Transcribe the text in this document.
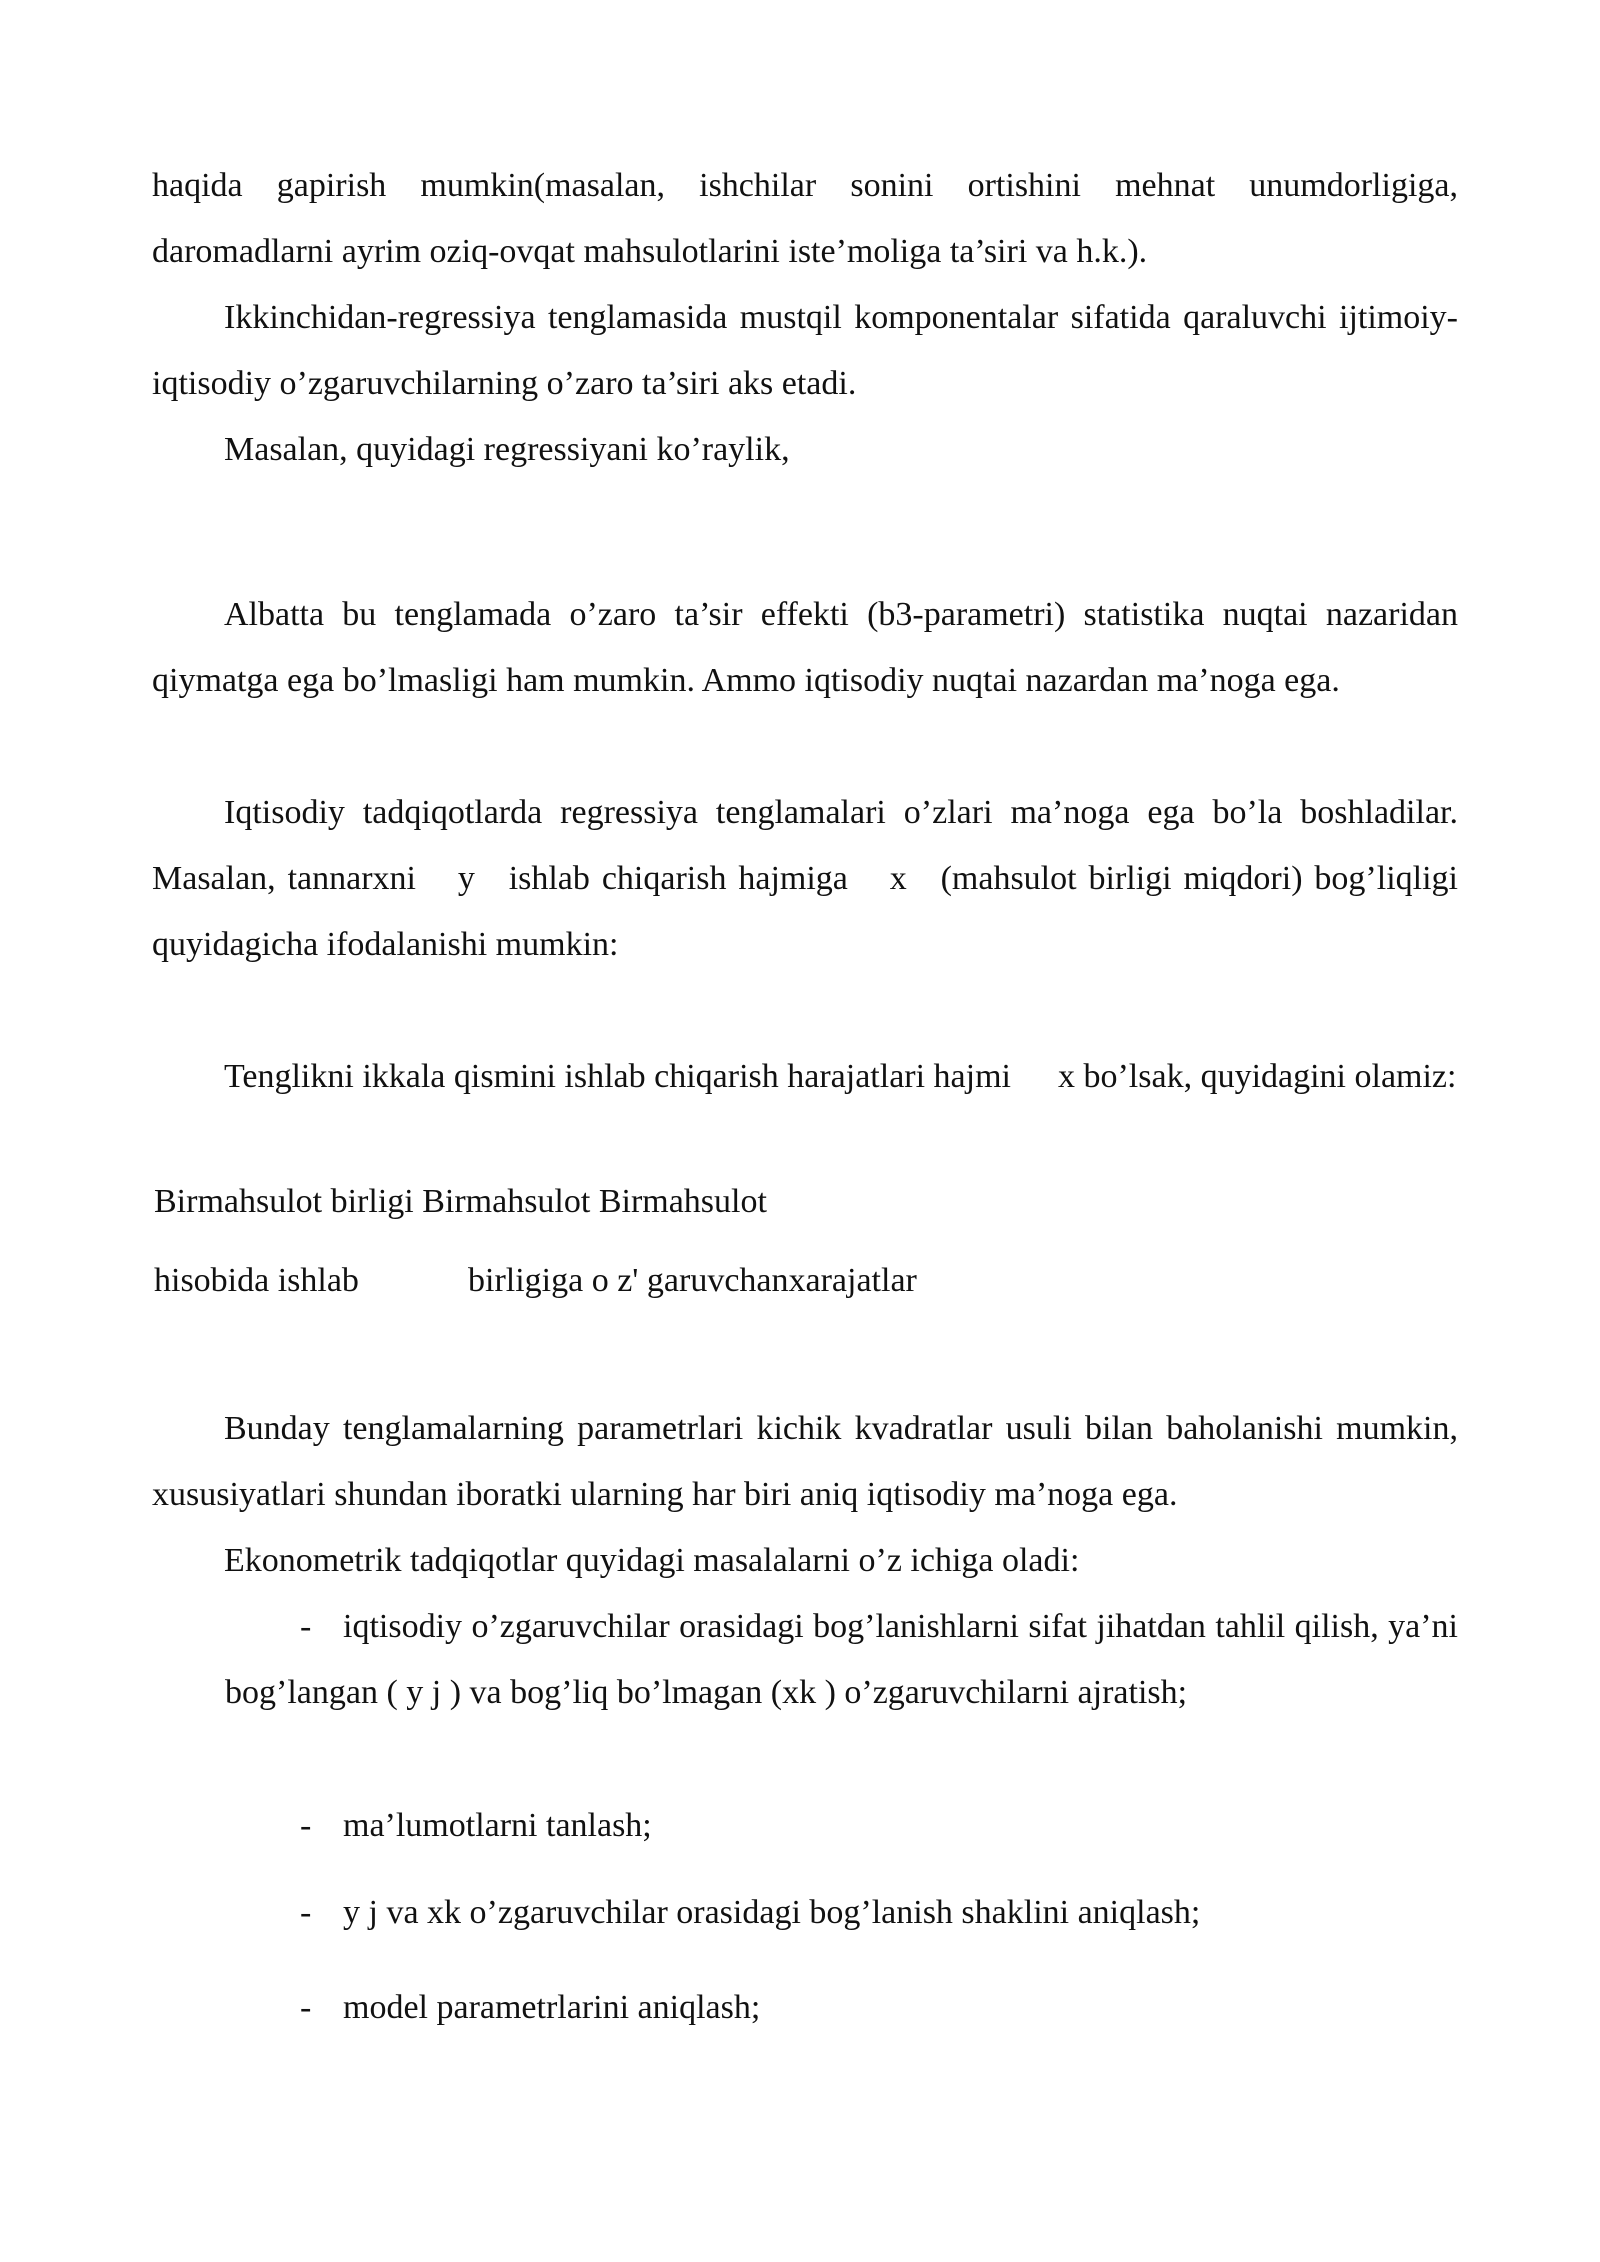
haqida gapirish mumkin(masalan, ishchilar sonini ortishini mehnat unumdorligiga, daromadlarni ayrim oziq-ovqat mahsulotlarini iste’moliga ta’siri va h.k.).

Ikkinchidan-regressiya tenglamasida mustqil komponentalar sifatida qaraluvchi ijtimoiy-iqtisodiy o’zgaruvchilarning o’zaro ta’siri aks etadi.

Masalan, quyidagi regressiyani ko’raylik,

Albatta bu tenglamada o’zaro ta’sir effekti (b3-parametri) statistika nuqtai nazaridan qiymatga ega bo’lmasligi ham mumkin. Ammo iqtisodiy nuqtai nazardan ma’noga ega.

Iqtisodiy tadqiqotlarda regressiya tenglamalari o’zlari ma’noga ega bo’la boshladilar. Masalan, tannarxni y ishlab chiqarish hajmiga x (mahsulot birligi miqdori) bog’liqligi quyidagicha ifodalanishi mumkin:

Tenglikni ikkala qismini ishlab chiqarish harajatlari hajmi x bo’lsak, quyidagini olamiz:

Birmahsulot birligi Birmahsulot Birmahsulot
hisobida ishlab	birligiga o z' garuvchanxarajatlar

Bunday tenglamalarning parametrlari kichik kvadratlar usuli bilan baholanishi mumkin, xususiyatlari shundan iboratki ularning har biri aniq iqtisodiy ma’noga ega.

Ekonometrik tadqiqotlar quyidagi masalalarni o’z ichiga oladi:

- iqtisodiy o’zgaruvchilar orasidagi bog’lanishlarni sifat jihatdan tahlil qilish, ya’ni bog’langan ( y j ) va bog’liq bo’lmagan (xk ) o’zgaruvchilarni ajratish;
- ma’lumotlarni tanlash;
- y j va xk o’zgaruvchilar orasidagi bog’lanish shaklini aniqlash;
- model parametrlarini aniqlash;
